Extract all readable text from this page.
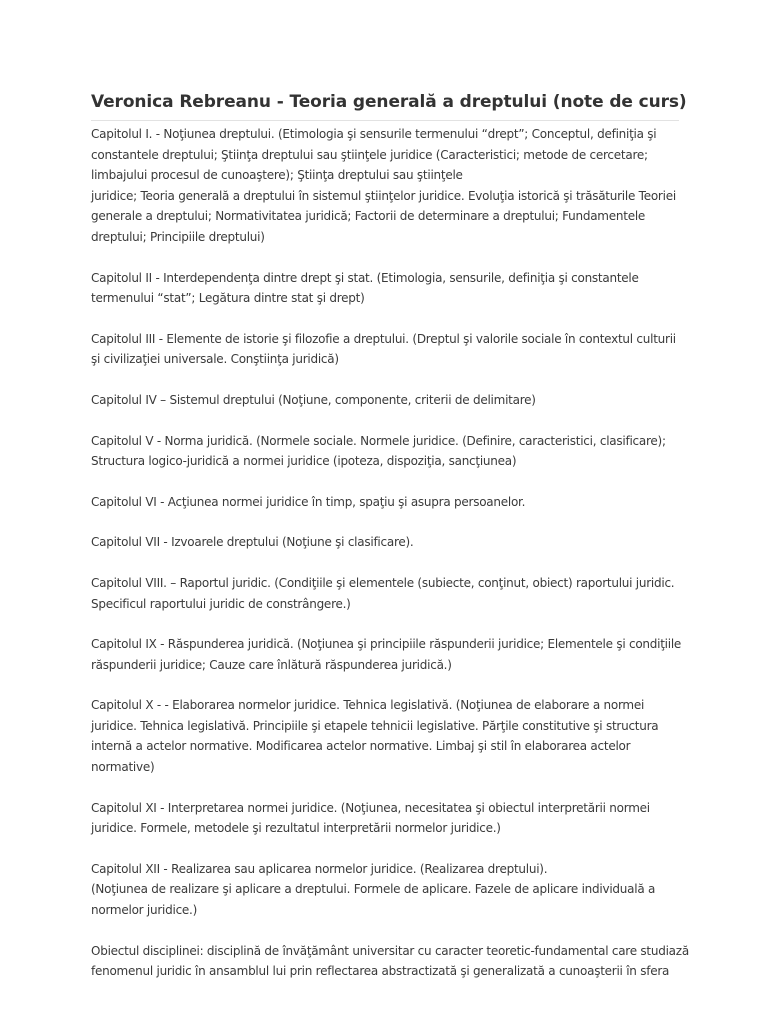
Veronica Rebreanu - Teoria generală a dreptului (note de curs)

Capitolul I. - Noţiunea dreptului. (Etimologia şi sensurile termenului “drept”; Conceptul, definiţia şi
constantele dreptului; Ştiinţa dreptului sau ştiinţele juridice (Caracteristici; metode de cercetare;
limbajului procesul de cunoaştere); Ştiinţa dreptului sau ştiinţele
juridice; Teoria generală a dreptului în sistemul ştiinţelor juridice. Evoluţia istorică şi trăsăturile Teoriei
generale a dreptului; Normativitatea juridică; Factorii de determinare a dreptului; Fundamentele
dreptului; Principiile dreptului)

Capitolul II - Interdependenţa dintre drept şi stat. (Etimologia, sensurile, definiţia şi constantele
termenului “stat”; Legătura dintre stat şi drept)

Capitolul III - Elemente de istorie şi filozofie a dreptului. (Dreptul şi valorile sociale în contextul culturii
şi civilizaţiei universale. Conştiinţa juridică)

Capitolul IV – Sistemul dreptului (Noţiune, componente, criterii de delimitare)

Capitolul V - Norma juridică. (Normele sociale. Normele juridice. (Definire, caracteristici, clasificare);
Structura logico-juridică a normei juridice (ipoteza, dispoziţia, sancţiunea)

Capitolul VI - Acţiunea normei juridice în timp, spaţiu şi asupra persoanelor.

Capitolul VII - Izvoarele dreptului (Noţiune şi clasificare).

Capitolul VIII. – Raportul juridic. (Condiţiile şi elementele (subiecte, conţinut, obiect) raportului juridic.
Specificul raportului juridic de constrângere.)

Capitolul IX - Răspunderea juridică. (Noţiunea şi principiile răspunderii juridice; Elementele şi condiţiile
răspunderii juridice; Cauze care înlătură răspunderea juridică.)

Capitolul X - - Elaborarea normelor juridice. Tehnica legislativă. (Noţiunea de elaborare a normei
juridice. Tehnica legislativă. Principiile şi etapele tehnicii legislative. Părţile constitutive şi structura
internă a actelor normative. Modificarea actelor normative. Limbaj şi stil în elaborarea actelor
normative)

Capitolul XI - Interpretarea normei juridice. (Noţiunea, necesitatea şi obiectul interpretării normei
juridice. Formele, metodele şi rezultatul interpretării normelor juridice.)

Capitolul XII - Realizarea sau aplicarea normelor juridice. (Realizarea dreptului).
(Noţiunea de realizare şi aplicare a dreptului. Formele de aplicare. Fazele de aplicare individuală a
normelor juridice.)

Obiectul disciplinei: disciplină de învăţământ universitar cu caracter teoretic-fundamental care studiază
fenomenul juridic în ansamblul lui prin reflectarea abstractizată şi generalizată a cunoaşterii în sfera
